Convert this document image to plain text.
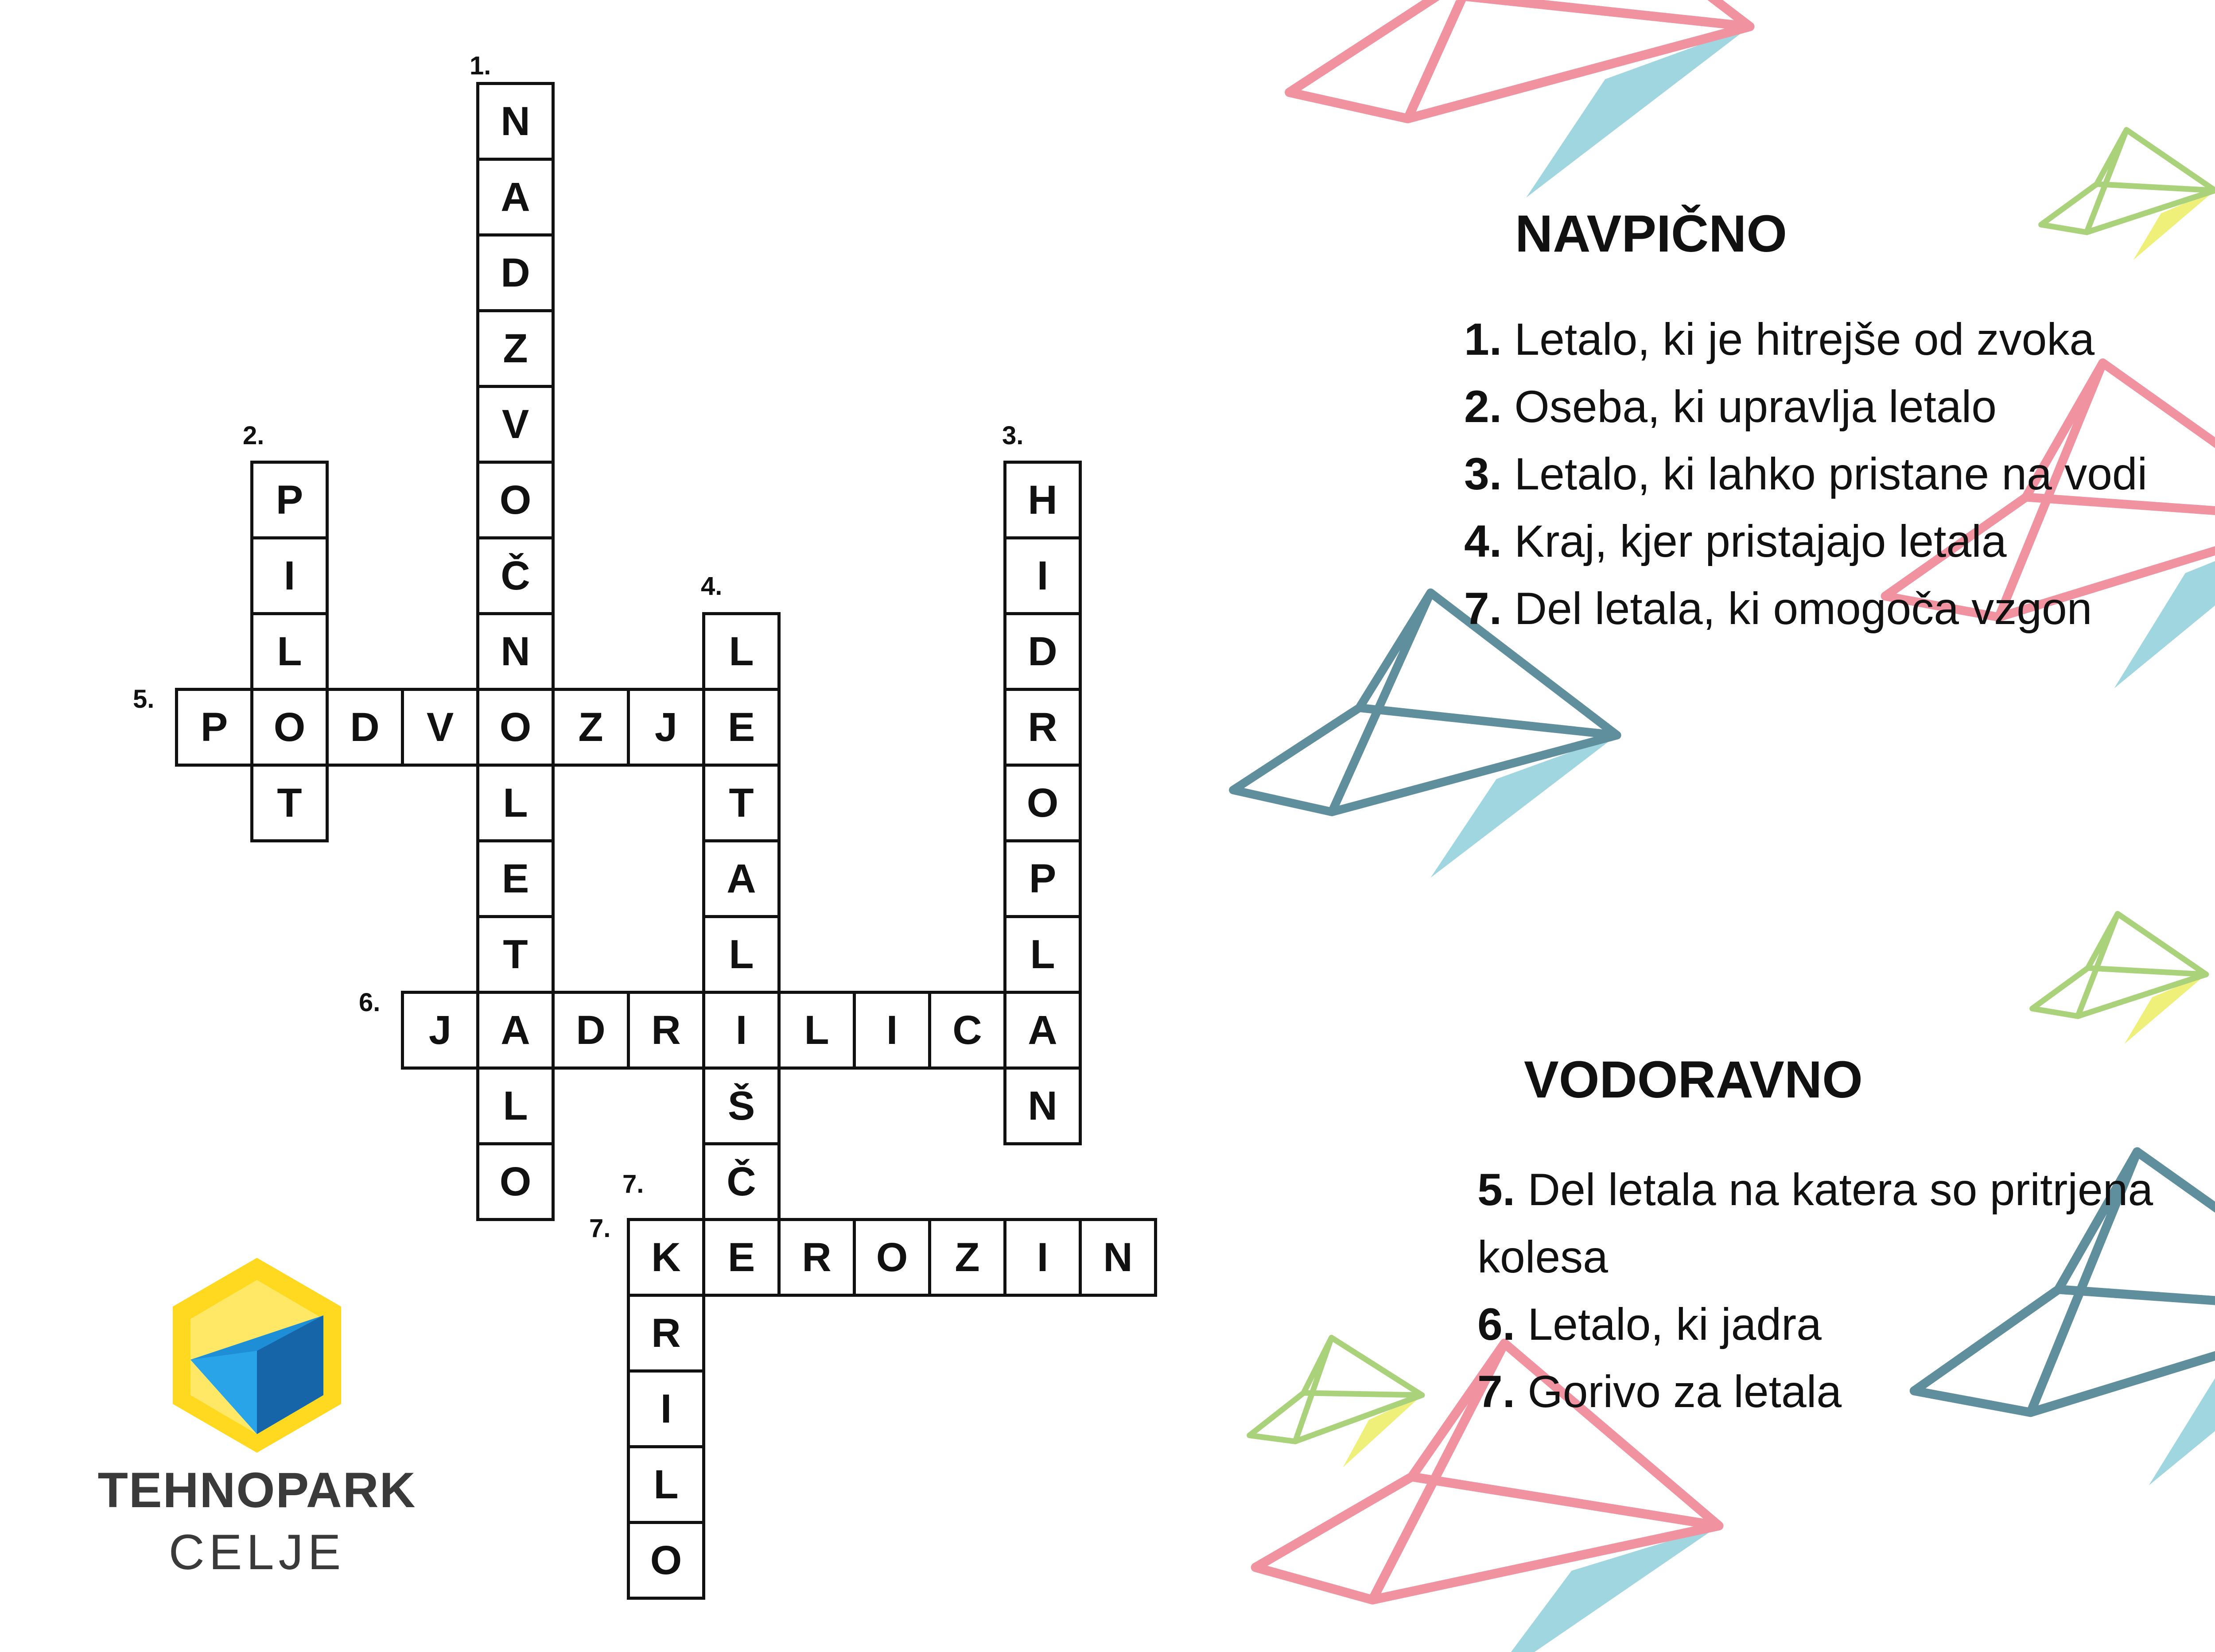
N
A
D
Z
V
O
Č
N
O
L
E
T
A
L
O
P
I
L
O
T
H
I
D
R
O
P
L
A
N
L
E
T
A
L
I
Š
Č
E
P	D	V	Z	J
J	D	R	L	I	C
K	R	O	Z	I	N
R
I
L
O
1.
2.	3.
4.
5.
6.
7.
7.
NAVPIČNO
1. Letalo, ki je hitrejše od zvoka
2. Oseba, ki upravlja letalo
3. Letalo, ki lahko pristane na vodi
4. Kraj, kjer pristajajo letala
7. Del letala, ki omogoča vzgon
VODORAVNO
5. Del letala na katera so pritrjena kolesa
6. Letalo, ki jadra
7. Gorivo za letala
TEHNOPARK
CELJE
